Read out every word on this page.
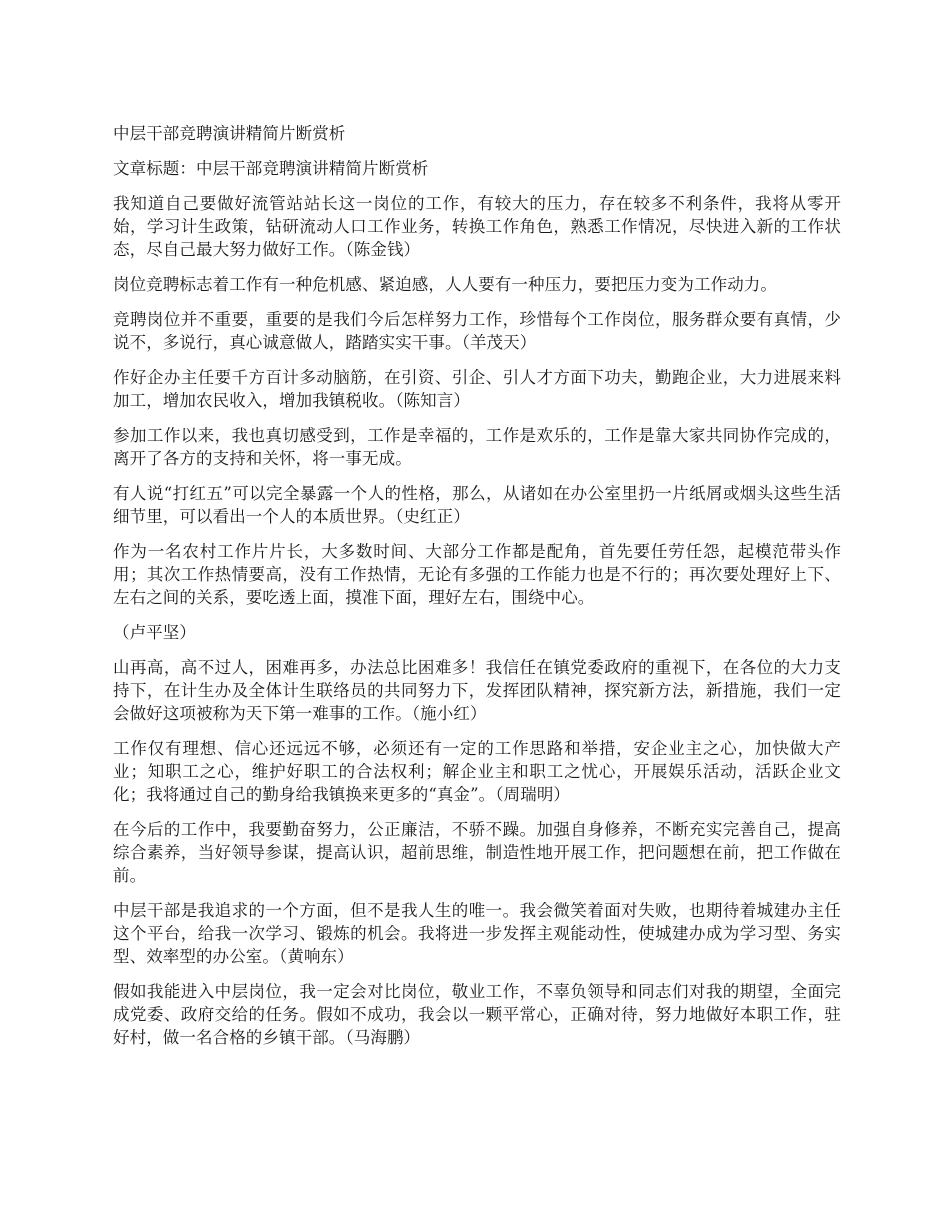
中层干部竞聘演讲精简片断赏析

文章标题：中层干部竞聘演讲精简片断赏析

我知道自己要做好流管站站长这一岗位的工作，有较大的压力，存在较多不利条件，我将从零开始，学习计生政策，钻研流动人口工作业务，转换工作角色，熟悉工作情况，尽快进入新的工作状态，尽自己最大努力做好工作。（陈金钱）

岗位竞聘标志着工作有一种危机感、紧迫感，人人要有一种压力，要把压力变为工作动力。

竞聘岗位并不重要，重要的是我们今后怎样努力工作，珍惜每个工作岗位，服务群众要有真情，少说不，多说行，真心诚意做人，踏踏实实干事。（羊茂天）

作好企办主任要千方百计多动脑筋，在引资、引企、引人才方面下功夫，勤跑企业，大力进展来料加工，增加农民收入，增加我镇税收。（陈知言）

参加工作以来，我也真切感受到，工作是幸福的，工作是欢乐的，工作是靠大家共同协作完成的，离开了各方的支持和关怀，将一事无成。

有人说“打红五”可以完全暴露一个人的性格，那么，从诸如在办公室里扔一片纸屑或烟头这些生活细节里，可以看出一个人的本质世界。（史红正）

作为一名农村工作片片长，大多数时间、大部分工作都是配角，首先要任劳任怨，起模范带头作用；其次工作热情要高，没有工作热情，无论有多强的工作能力也是不行的；再次要处理好上下、左右之间的关系，要吃透上面，摸准下面，理好左右，围绕中心。

（卢平坚）

山再高，高不过人，困难再多，办法总比困难多！我信任在镇党委政府的重视下，在各位的大力支持下，在计生办及全体计生联络员的共同努力下，发挥团队精神，探究新方法，新措施，我们一定会做好这项被称为天下第一难事的工作。（施小红）

工作仅有理想、信心还远远不够，必须还有一定的工作思路和举措，安企业主之心，加快做大产业；知职工之心，维护好职工的合法权利；解企业主和职工之忧心，开展娱乐活动，活跃企业文化；我将通过自己的勤身给我镇换来更多的“真金”。（周瑞明）

在今后的工作中，我要勤奋努力，公正廉洁，不骄不躁。加强自身修养，不断充实完善自己，提高综合素养，当好领导参谋，提高认识，超前思维，制造性地开展工作，把问题想在前，把工作做在前。

中层干部是我追求的一个方面，但不是我人生的唯一。我会微笑着面对失败，也期待着城建办主任这个平台，给我一次学习、锻炼的机会。我将进一步发挥主观能动性，使城建办成为学习型、务实型、效率型的办公室。（黄响东）

假如我能进入中层岗位，我一定会对比岗位，敬业工作，不辜负领导和同志们对我的期望，全面完成党委、政府交给的任务。假如不成功，我会以一颗平常心，正确对待，努力地做好本职工作，驻好村，做一名合格的乡镇干部。（马海鹏）
